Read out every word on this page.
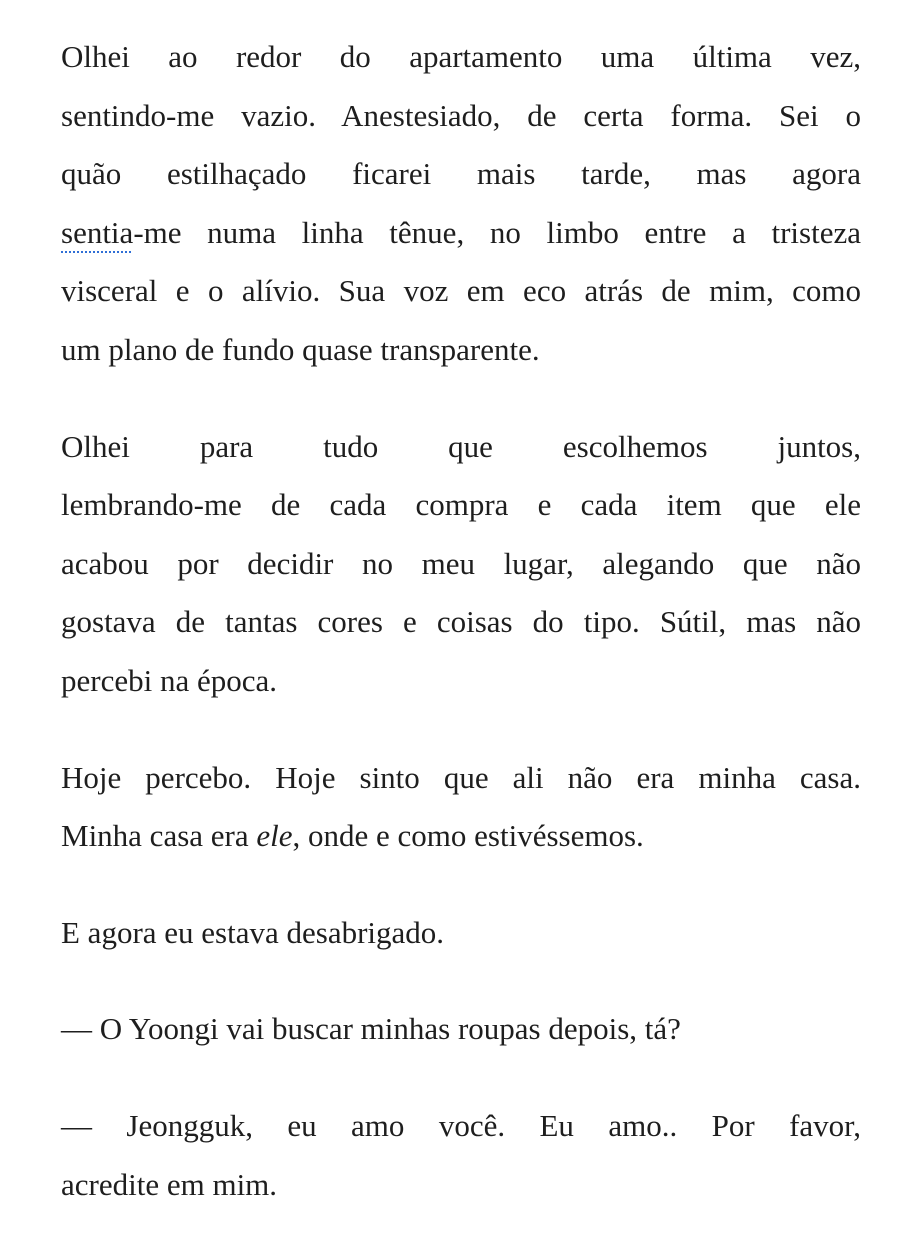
Olhei ao redor do apartamento uma última vez,
sentindo-me vazio. Anestesiado, de certa forma. Sei o
quão estilhaçado ficarei mais tarde, mas agora
sentia-me numa linha tênue, no limbo entre a tristeza
visceral e o alívio. Sua voz em eco atrás de mim, como
um plano de fundo quase transparente.
Olhei para tudo que escolhemos juntos,
lembrando-me de cada compra e cada item que ele
acabou por decidir no meu lugar, alegando que não
gostava de tantas cores e coisas do tipo. Sútil, mas não
percebi na época.
Hoje percebo. Hoje sinto que ali não era minha casa.
Minha casa era ele, onde e como estivéssemos.
E agora eu estava desabrigado.
— O Yoongi vai buscar minhas roupas depois, tá?
— Jeongguk, eu amo você. Eu amo.. Por favor,
acredite em mim.
